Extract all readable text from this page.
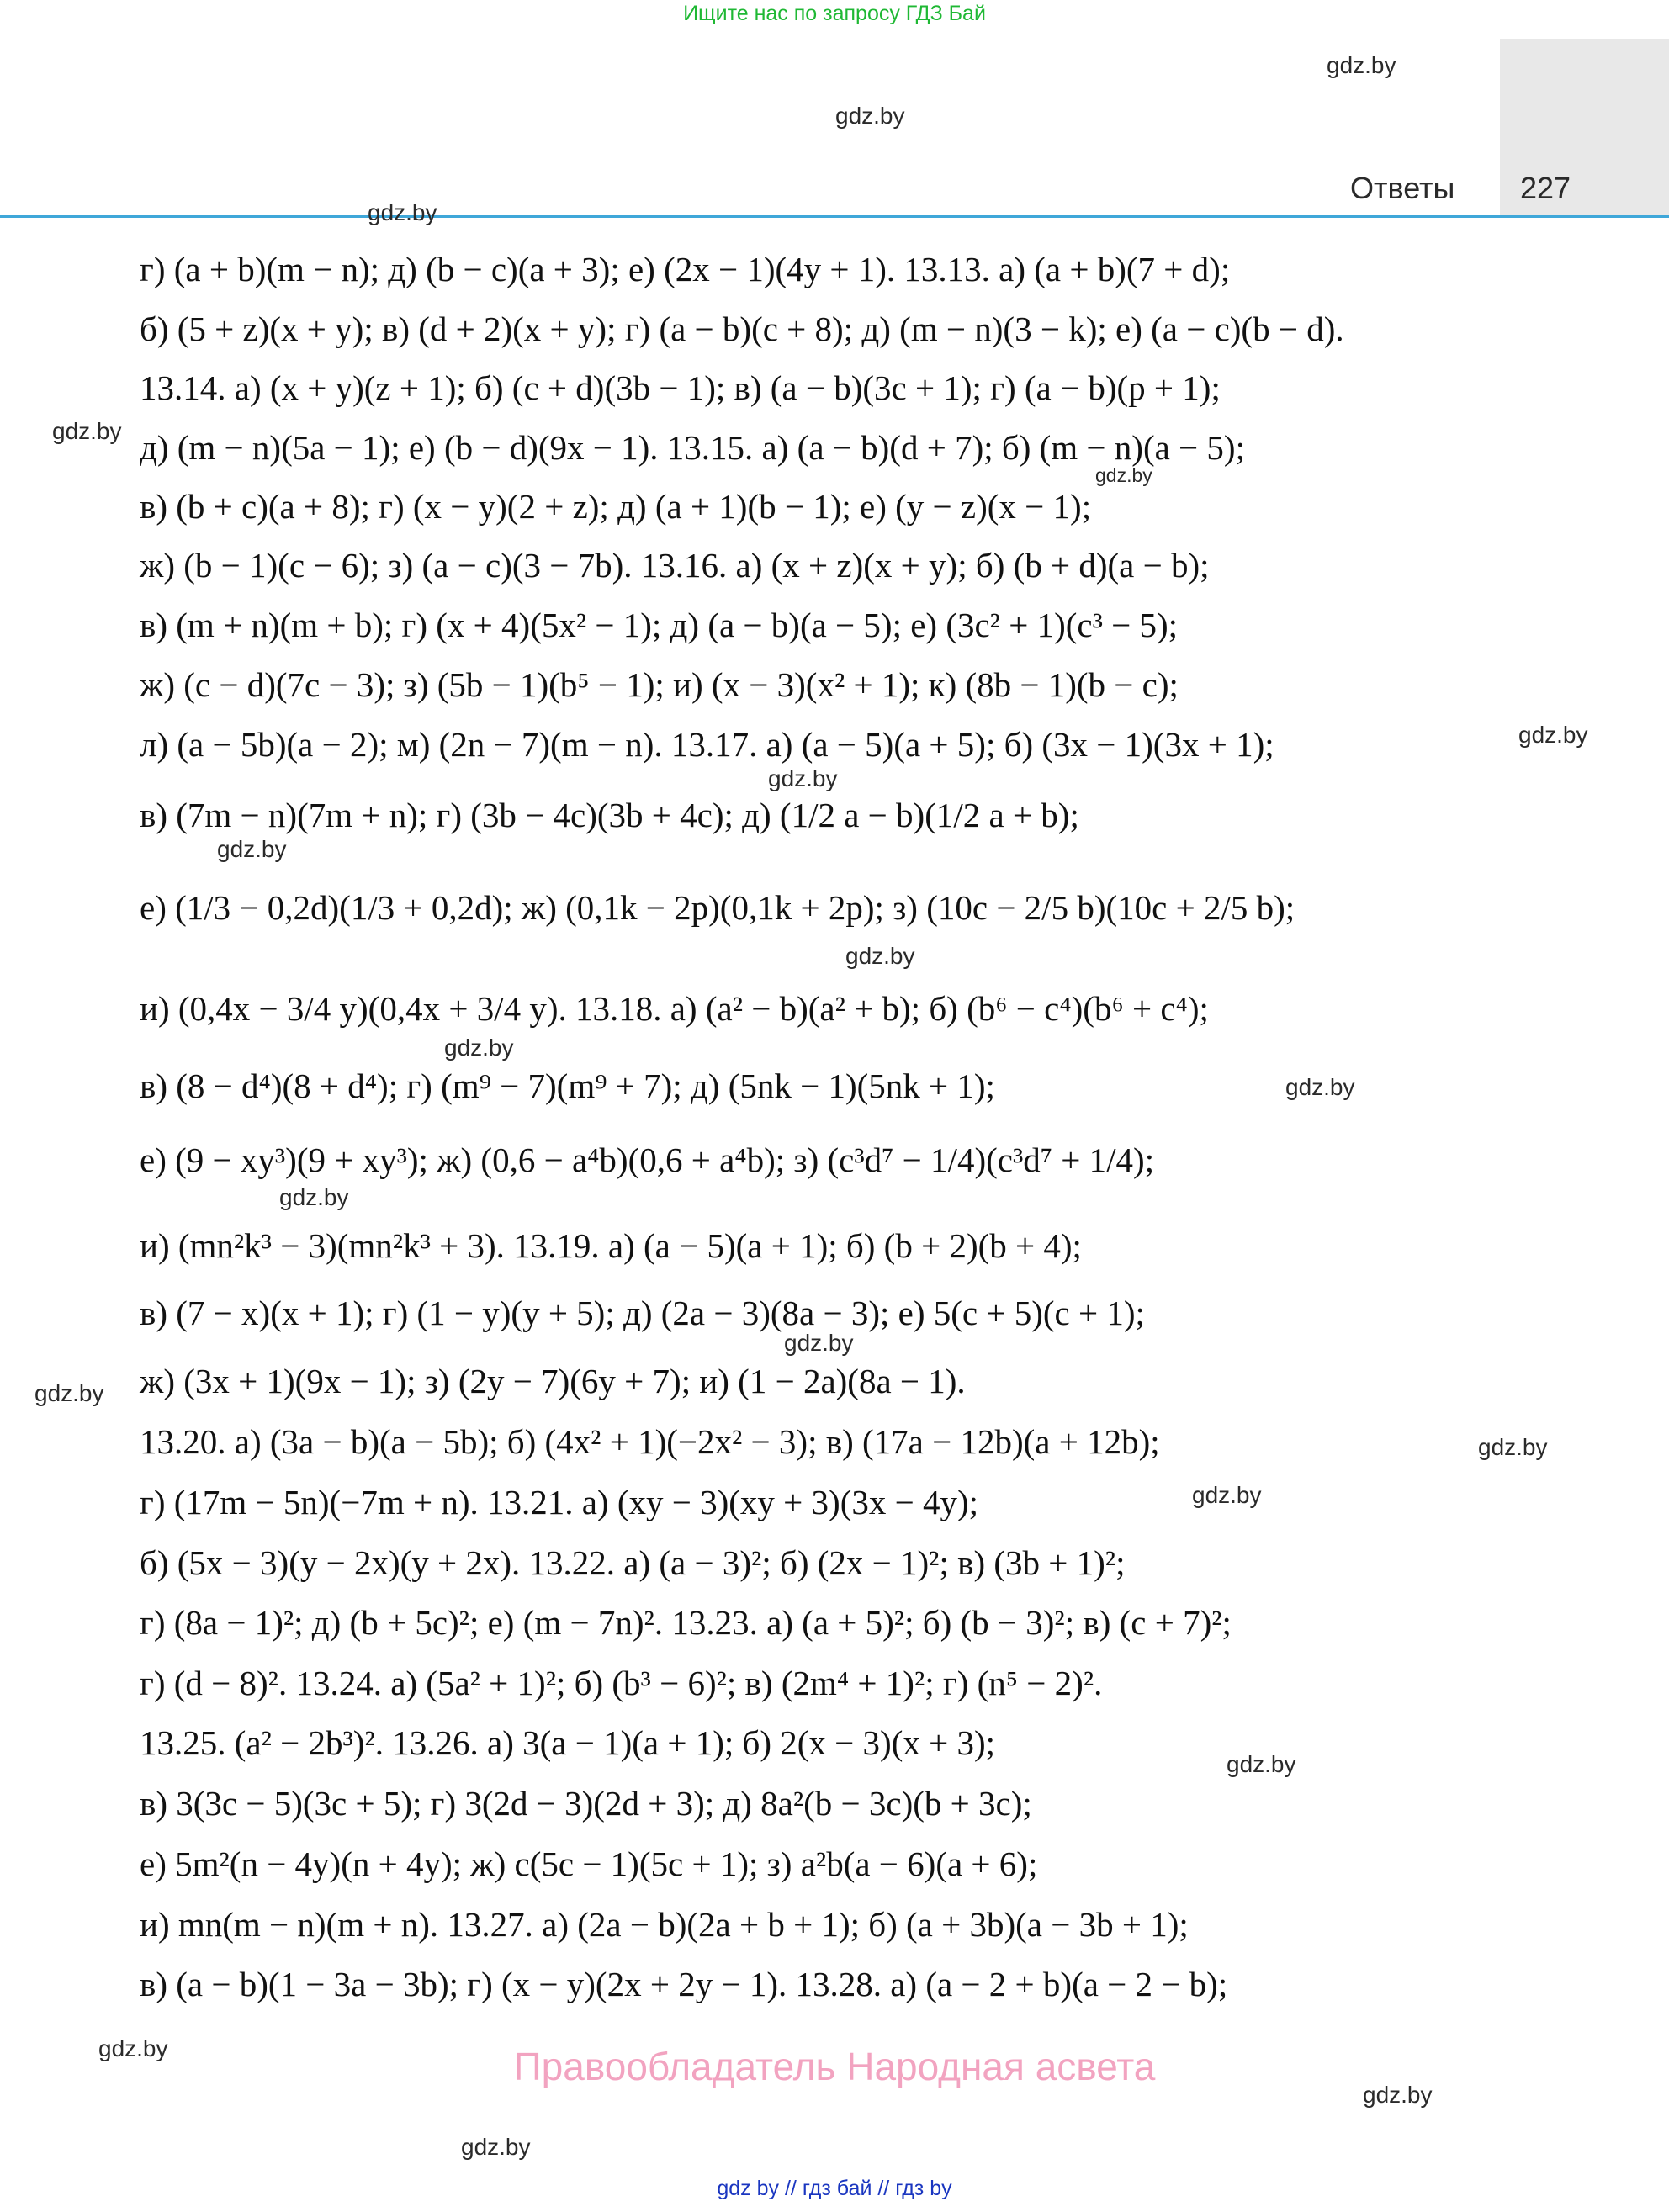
Ищите нас по запросу ГДЗ Бай
Ответы 227
gdz.by
gdz.by
gdz.by
gdz.by
gdz.by
gdz.by
gdz.by
gdz.by
gdz.by
gdz.by
gdz.by
gdz.by
gdz.by
gdz.by
gdz.by
gdz.by
gdz.by
gdz.by
gdz.by
gdz.by
г) (a + b)(m − n); д) (b − c)(a + 3); е) (2x − 1)(4y + 1). 13.13. а) (a + b)(7 + d);
б) (5 + z)(x + y); в) (d + 2)(x + y); г) (a − b)(c + 8); д) (m − n)(3 − k); е) (a − c)(b − d).
13.14. а) (x + y)(z + 1); б) (c + d)(3b − 1); в) (a − b)(3c + 1); г) (a − b)(p + 1);
д) (m − n)(5a − 1); е) (b − d)(9x − 1). 13.15. а) (a − b)(d + 7); б) (m − n)(a − 5);
в) (b + c)(a + 8); г) (x − y)(2 + z); д) (a + 1)(b − 1); е) (y − z)(x − 1);
ж) (b − 1)(c − 6); з) (a − c)(3 − 7b). 13.16. а) (x + z)(x + y); б) (b + d)(a − b);
в) (m + n)(m + b); г) (x + 4)(5x² − 1); д) (a − b)(a − 5); е) (3c² + 1)(c³ − 5);
ж) (c − d)(7c − 3); з) (5b − 1)(b⁵ − 1); и) (x − 3)(x² + 1); к) (8b − 1)(b − c);
л) (a − 5b)(a − 2); м) (2n − 7)(m − n). 13.17. а) (a − 5)(a + 5); б) (3x − 1)(3x + 1);
в) (7m − n)(7m + n); г) (3b − 4c)(3b + 4c); д) (1/2 a − b)(1/2 a + b);
е) (1/3 − 0,2d)(1/3 + 0,2d); ж) (0,1k − 2p)(0,1k + 2p); з) (10c − 2/5 b)(10c + 2/5 b);
и) (0,4x − 3/4 y)(0,4x + 3/4 y). 13.18. а) (a² − b)(a² + b); б) (b⁶ − c⁴)(b⁶ + c⁴);
в) (8 − d⁴)(8 + d⁴); г) (m⁹ − 7)(m⁹ + 7); д) (5nk − 1)(5nk + 1);
е) (9 − xy³)(9 + xy³); ж) (0,6 − a⁴b)(0,6 + a⁴b); з) (c³d⁷ − 1/4)(c³d⁷ + 1/4);
и) (mn²k³ − 3)(mn²k³ + 3). 13.19. а) (a − 5)(a + 1); б) (b + 2)(b + 4);
в) (7 − x)(x + 1); г) (1 − y)(y + 5); д) (2a − 3)(8a − 3); е) 5(c + 5)(c + 1);
ж) (3x + 1)(9x − 1); з) (2y − 7)(6y + 7); и) (1 − 2a)(8a − 1).
13.20. а) (3a − b)(a − 5b); б) (4x² + 1)(−2x² − 3); в) (17a − 12b)(a + 12b);
г) (17m − 5n)(−7m + n). 13.21. а) (xy − 3)(xy + 3)(3x − 4y);
б) (5x − 3)(y − 2x)(y + 2x). 13.22. а) (a − 3)²; б) (2x − 1)²; в) (3b + 1)²;
г) (8a − 1)²; д) (b + 5c)²; е) (m − 7n)². 13.23. а) (a + 5)²; б) (b − 3)²; в) (c + 7)²;
г) (d − 8)². 13.24. а) (5a² + 1)²; б) (b³ − 6)²; в) (2m⁴ + 1)²; г) (n⁵ − 2)².
13.25. (a² − 2b³)². 13.26. а) 3(a − 1)(a + 1); б) 2(x − 3)(x + 3);
в) 3(3c − 5)(3c + 5); г) 3(2d − 3)(2d + 3); д) 8a²(b − 3c)(b + 3c);
е) 5m²(n − 4y)(n + 4y); ж) c(5c − 1)(5c + 1); з) a²b(a − 6)(a + 6);
и) mn(m − n)(m + n). 13.27. а) (2a − b)(2a + b + 1); б) (a + 3b)(a − 3b + 1);
в) (a − b)(1 − 3a − 3b); г) (x − y)(2x + 2y − 1). 13.28. а) (a − 2 + b)(a − 2 − b);
Правообладатель Народная асвета
gdz by // гдз бай // гдз by
